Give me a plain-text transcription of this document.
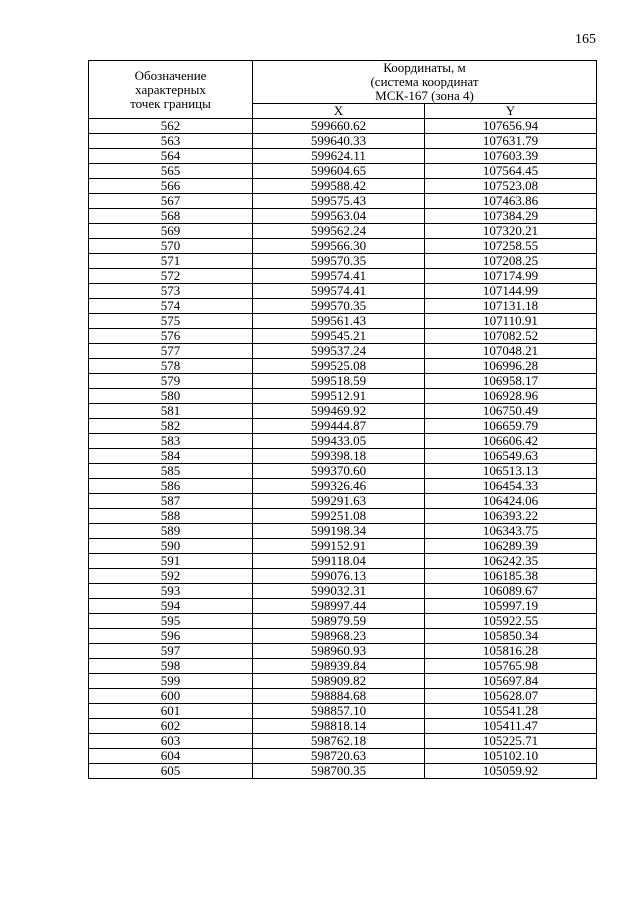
165
Обозначение
характерных
точек границы	Координаты, м
(система координат
МСК-167 (зона 4)	

	X	Y
562	599660.62	107656.94
563	599640.33	107631.79
564	599624.11	107603.39
565	599604.65	107564.45
566	599588.42	107523.08
567	599575.43	107463.86
568	599563.04	107384.29
569	599562.24	107320.21
570	599566.30	107258.55
571	599570.35	107208.25
572	599574.41	107174.99
573	599574.41	107144.99
574	599570.35	107131.18
575	599561.43	107110.91
576	599545.21	107082.52
577	599537.24	107048.21
578	599525.08	106996.28
579	599518.59	106958.17
580	599512.91	106928.96
581	599469.92	106750.49
582	599444.87	106659.79
583	599433.05	106606.42
584	599398.18	106549.63
585	599370.60	106513.13
586	599326.46	106454.33
587	599291.63	106424.06
588	599251.08	106393.22
589	599198.34	106343.75
590	599152.91	106289.39
591	599118.04	106242.35
592	599076.13	106185.38
593	599032.31	106089.67
594	598997.44	105997.19
595	598979.59	105922.55
596	598968.23	105850.34
597	598960.93	105816.28
598	598939.84	105765.98
599	598909.82	105697.84
600	598884.68	105628.07
601	598857.10	105541.28
602	598818.14	105411.47
603	598762.18	105225.71
604	598720.63	105102.10
605	598700.35	105059.92
